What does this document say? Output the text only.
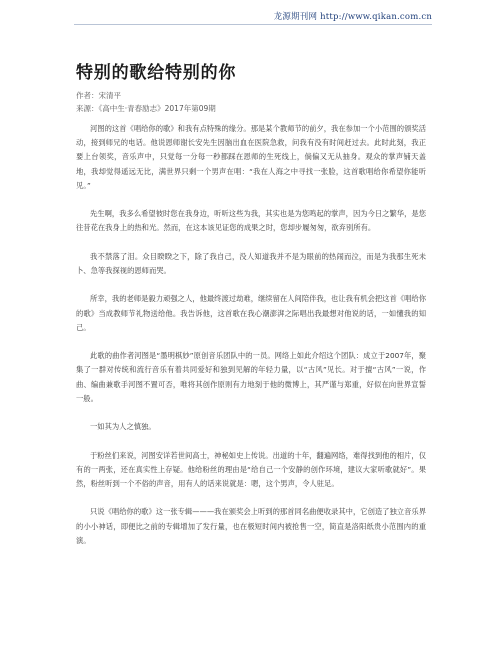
龙源期刊网 http://www.qikan.com.cn
特别的歌给特别的你
作者：宋清平
来源：《高中生·青春励志》2017年第09期

河图的这首《唱给你的歌》和我有点特殊的缘分。那是某个教师节的前夕，我在参加一个小范围的颁奖活动，接到师兄的电话。他说恩师谢长安先生因脑出血在医院急救，问我有没有时间赶过去。此时此刻，我正要上台领奖，音乐声中，只觉每一分每一秒都踩在恩师的生死线上，倘偏又无从抽身。观众的掌声铺天盖地，我却觉得遥远无比，满世界只剩一个男声在唱：“我在人海之中寻找一张脸，这首歌唱给你希望你能听见。”

先生啊，我多么希望彼时您在我身边，听听这些为我，其实也是为您鸣起的掌声，因为今日之繁华，是您往昔花在我身上的热和光。然而，在这本该见证您的成果之时，您却步履匆匆，欲弃别所有。

我不禁落了泪。众目睽睽之下，除了我自己，没人知道我并不是为眼前的热闹而泣，而是为我那生死未卜、急等我探视的恩师而哭。

所幸，我的老师是毅力顽强之人，他最终渡过劫难，继续留在人间陪伴我，也让我有机会把这首《唱给你的歌》当成教师节礼物送给他。我告诉他，这首歌在我心潮澎湃之际唱出我最想对他说的话，一如懂我的知己。

此歌的曲作者河图是“墨明棋妙”原创音乐团队中的一员。网络上如此介绍这个团队：成立于2007年，聚集了一群对传统和流行音乐有着共同爱好和独到见解的年轻力量，以“古风”见长。对于擅“古风”一说，作曲、编曲兼歌手河图不置可否，唯将其创作原则有力地刻于他的微博上，其严谨与郑重，好似在向世界宣誓一般。

一如其为人之慎独。

于粉丝们来说，河图安详若世间高士，神秘如史上传说。出道的十年，翻遍网络，难得找到他的相片，仅有的一两张，还在真实性上存疑。他给粉丝的理由是“给自己一个安静的创作环境，建议大家听歌就好”。果然，粉丝听到一个不俗的声音，用有人的话来说就是：嗯，这个男声，令人驻足。

只说《唱给你的歌》这一张专辑———我在颁奖会上听到的那首同名曲便收录其中，它创造了独立音乐界的小小神话，即便比之前的专辑增加了发行量，也在极短时间内被抢售一空，简直是洛阳纸贵小范围内的重演。
